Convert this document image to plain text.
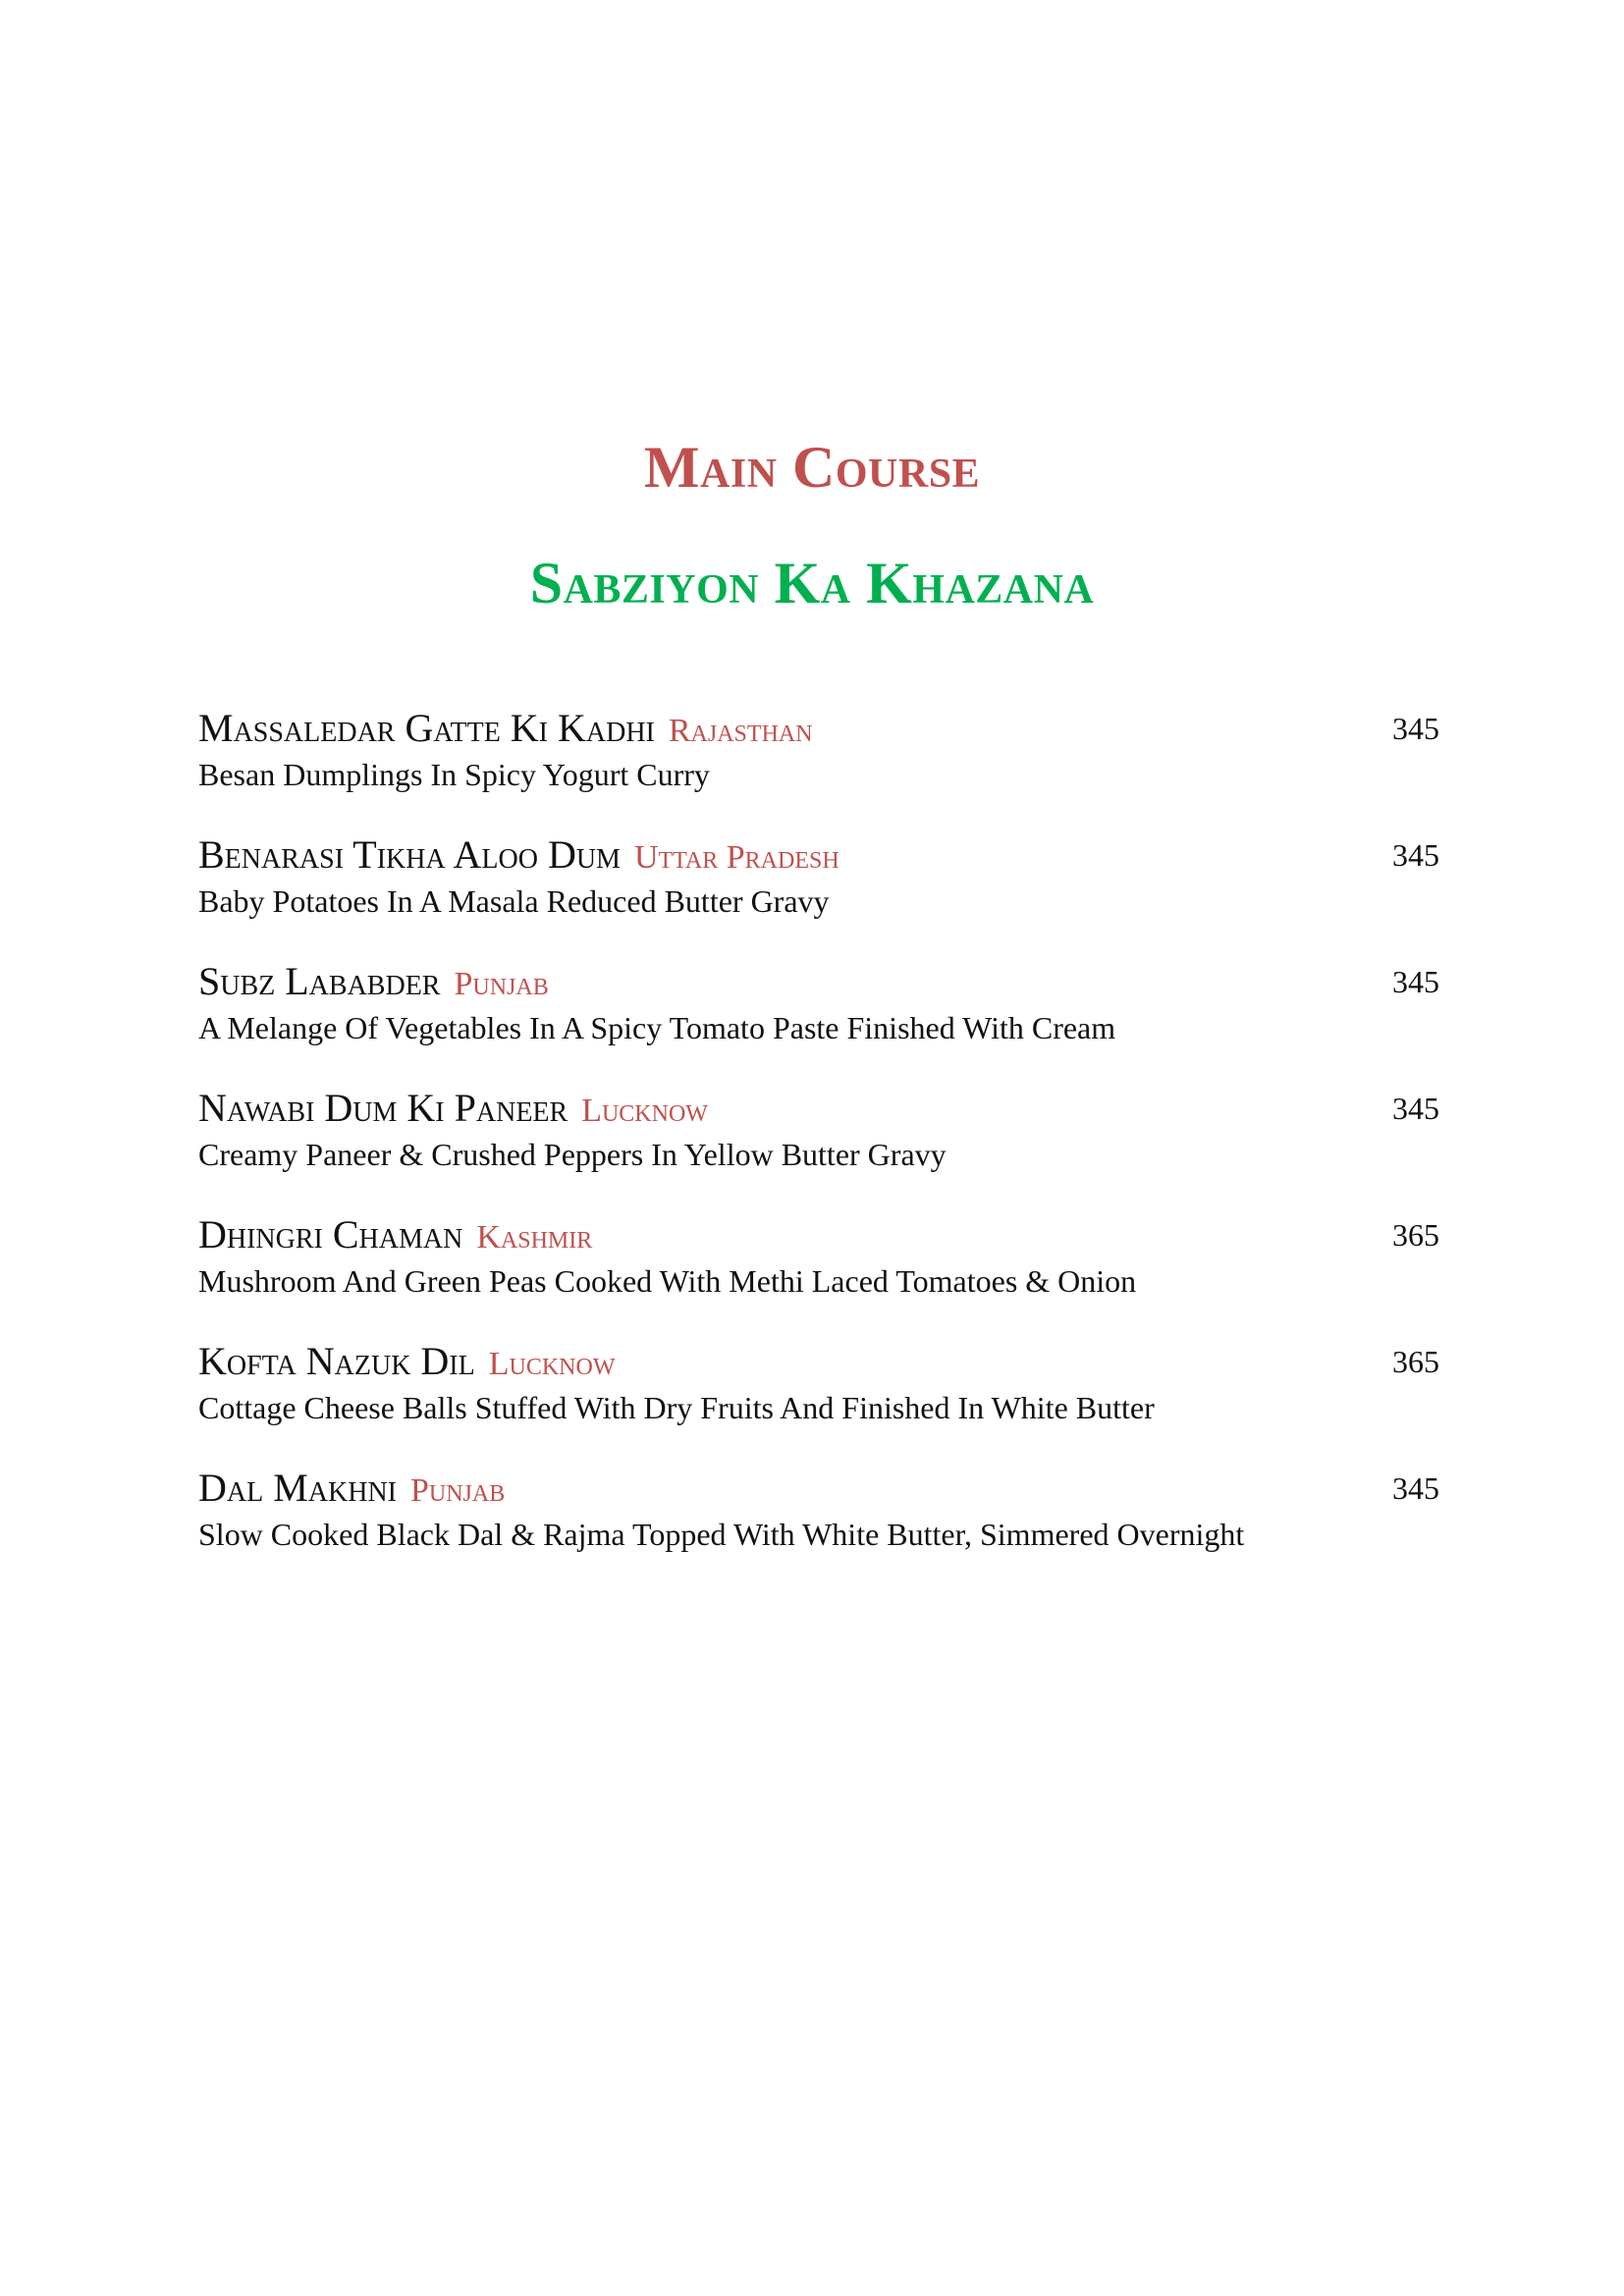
Main Course
Sabziyon Ka Khazana
Massaledar Gatte Ki Kadhi Rajasthan	345
Besan Dumplings In Spicy Yogurt Curry
Benarasi Tikha Aloo Dum Uttar Pradesh	345
Baby Potatoes In A Masala Reduced Butter Gravy
Subz Lababder Punjab	345
A Melange Of Vegetables In A Spicy Tomato Paste Finished With Cream
Nawabi Dum Ki Paneer Lucknow	345
Creamy Paneer & Crushed Peppers In Yellow Butter Gravy
Dhingri Chaman Kashmir	365
Mushroom And Green Peas Cooked With Methi Laced Tomatoes & Onion
Kofta Nazuk Dil Lucknow	365
Cottage Cheese Balls Stuffed With Dry Fruits And Finished In White Butter
Dal Makhni Punjab	345
Slow Cooked Black Dal & Rajma Topped With White Butter, Simmered Overnight
